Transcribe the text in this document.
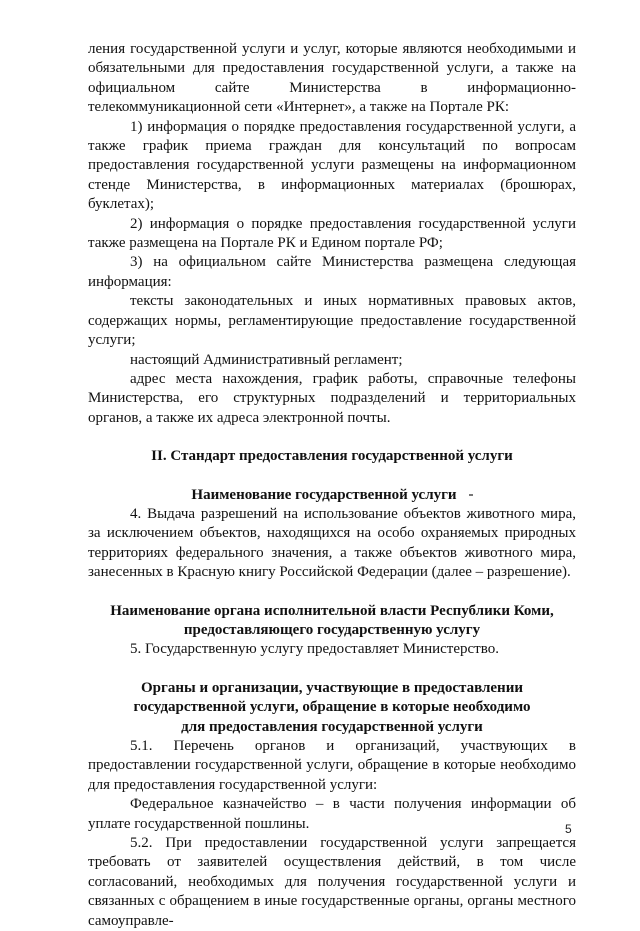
ления государственной услуги и услуг, которые являются необходимыми и обязательными для предоставления государственной услуги, а также на официальном сайте Министерства в информационно-телекоммуникационной сети «Интернет», а также на Портале РК:

1) информация о порядке предоставления государственной услуги, а также график приема граждан для консультаций по вопросам предоставления государственной услуги размещены на информационном стенде Министерства, в информационных материалах (брошюрах, буклетах);

2) информация о порядке предоставления государственной услуги также размещена на Портале РК и Едином портале РФ;

3) на официальном сайте Министерства размещена следующая информация:

тексты законодательных и иных нормативных правовых актов, содержащих нормы, регламентирующие предоставление государственной услуги;

настоящий Административный регламент;

адрес места нахождения, график работы, справочные телефоны Министерства, его структурных подразделений и территориальных органов, а также их адреса электронной почты.

II. Стандарт предоставления государственной услуги
Наименование государственной услуги

4. Выдача разрешений на использование объектов животного мира, за исключением объектов, находящихся на особо охраняемых природных территориях федерального значения, а также объектов животного мира, занесенных в Красную книгу Российской Федерации (далее – разрешение).

Наименование органа исполнительной власти Республики Коми,
предоставляющего государственную услугу

5. Государственную услугу предоставляет Министерство.

Органы и организации, участвующие в предоставлении
государственной услуги, обращение в которые необходимо
для предоставления государственной услуги

5.1. Перечень органов и организаций, участвующих в предоставлении государственной услуги, обращение в которые необходимо для предоставления государственной услуги:

Федеральное казначейство – в части получения информации об уплате государственной пошлины.

5.2. При предоставлении государственной услуги запрещается требовать от заявителей осуществления действий, в том числе согласований, необходимых для получения государственной услуги и связанных с обращением в иные государственные органы, органы местного самоуправле-

5
